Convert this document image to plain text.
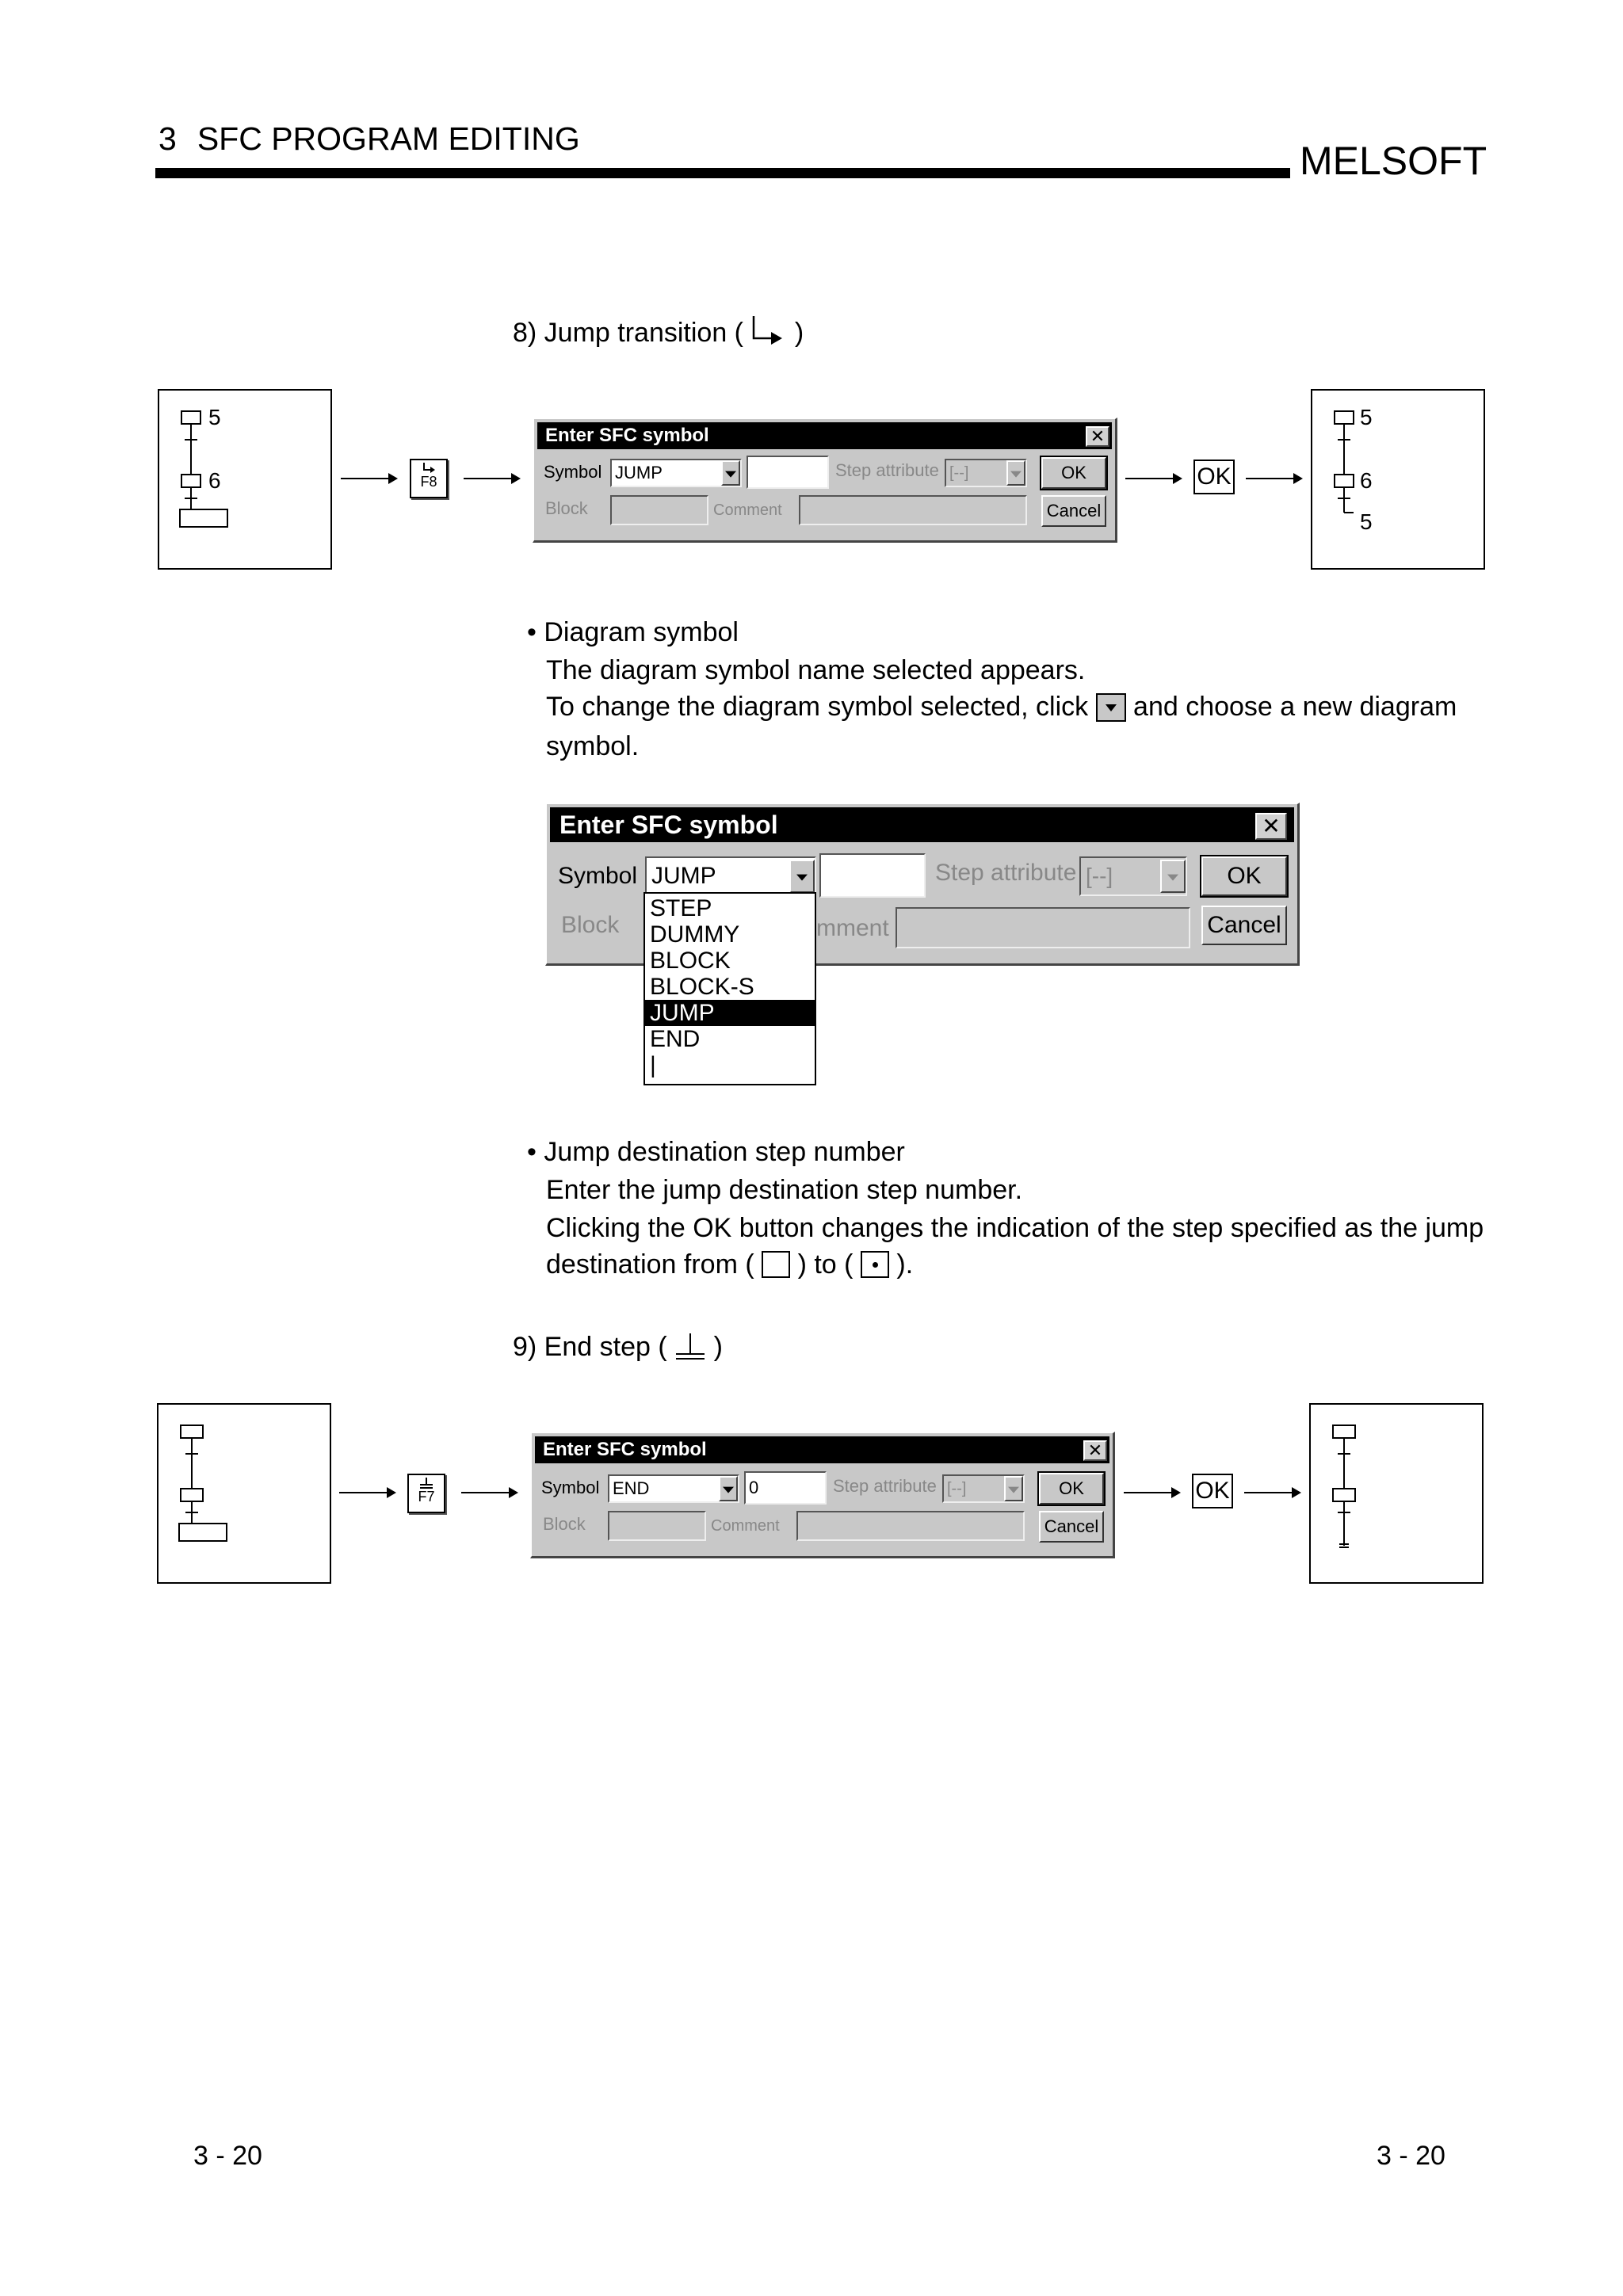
3 SFC PROGRAM EDITING	MELSOFT
8) Jump transition ( )
5
6	F8
Enter SFC symbol	✕
Symbol JUMP	Step attribute [--]	OK
Block	Comment	Cancel
OK
5
6
5
• Diagram symbol
The diagram symbol name selected appears.
To change the diagram symbol selected, click and choose a new diagram
symbol.
Enter SFC symbol	✕
Symbol JUMP	Step attribute [--]	OK
Block	mment	Cancel
STEP
DUMMY
BLOCK
BLOCK-S
JUMP
END
|
• Jump destination step number
Enter the jump destination step number.
Clicking the OK button changes the indication of the step specified as the jump
destination from ( ) to ( ).
9) End step ( )
F7
Enter SFC symbol	✕
Symbol END	0	Step attribute [--]	OK
Block	Comment	Cancel
OK
3 - 20	3 - 20
